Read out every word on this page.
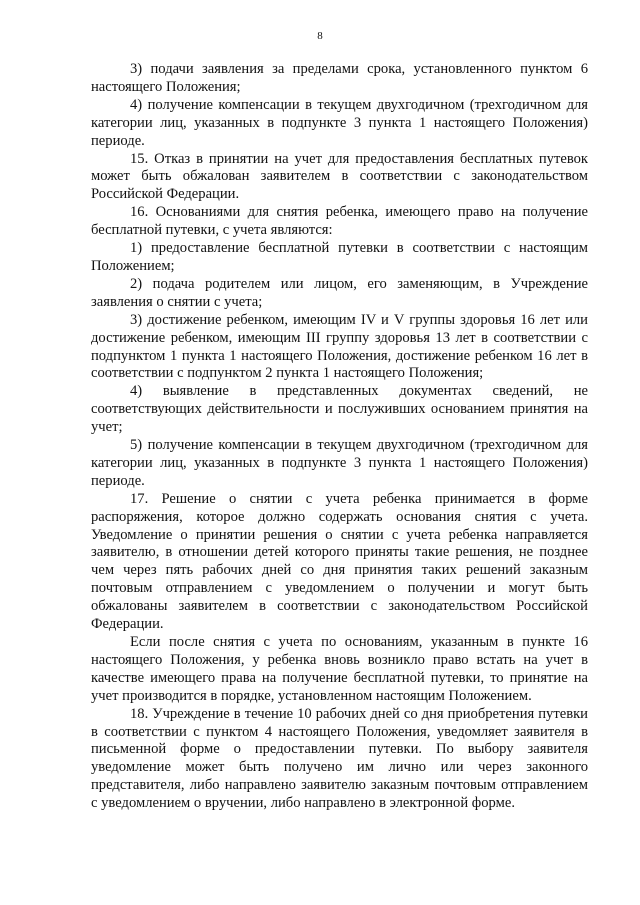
8

3) подачи заявления за пределами срока, установленного пунктом 6 настоящего Положения;

4) получение компенсации в текущем двухгодичном (трехгодичном для категории лиц, указанных в подпункте 3 пункта 1 настоящего Положения) периоде.

15. Отказ в принятии на учет для предоставления бесплатных путевок может быть обжалован заявителем в соответствии с законодательством Российской Федерации.

16. Основаниями для снятия ребенка, имеющего право на получение бесплатной путевки, с учета являются:

1) предоставление бесплатной путевки в соответствии с настоящим Положением;

2) подача родителем или лицом, его заменяющим, в Учреждение заявления о снятии с учета;

3) достижение ребенком, имеющим IV и V группы здоровья 16 лет или достижение ребенком, имеющим III группу здоровья 13 лет в соответствии с подпунктом 1 пункта 1 настоящего Положения, достижение ребенком 16 лет в соответствии с подпунктом 2 пункта 1 настоящего Положения;

4) выявление в представленных документах сведений, не соответствующих действительности и послуживших основанием принятия на учет;

5) получение компенсации в текущем двухгодичном (трехгодичном для категории лиц, указанных в подпункте 3 пункта 1 настоящего Положения) периоде.

17. Решение о снятии с учета ребенка принимается в форме распоряжения, которое должно содержать основания снятия с учета. Уведомление о принятии решения о снятии с учета ребенка направляется заявителю, в отношении детей которого приняты такие решения, не позднее чем через пять рабочих дней со дня принятия таких решений заказным почтовым отправлением с уведомлением о получении и могут быть обжалованы заявителем в соответствии с законодательством Российской Федерации.

Если после снятия с учета по основаниям, указанным в пункте 16 настоящего Положения, у ребенка вновь возникло право встать на учет в качестве имеющего права на получение бесплатной путевки, то принятие на учет производится в порядке, установленном настоящим Положением.

18. Учреждение в течение 10 рабочих дней со дня приобретения путевки в соответствии с пунктом 4 настоящего Положения, уведомляет заявителя в письменной форме о предоставлении путевки. По выбору заявителя уведомление может быть получено им лично или через законного представителя, либо направлено заявителю заказным почтовым отправлением с уведомлением о вручении, либо направлено в электронной форме.
